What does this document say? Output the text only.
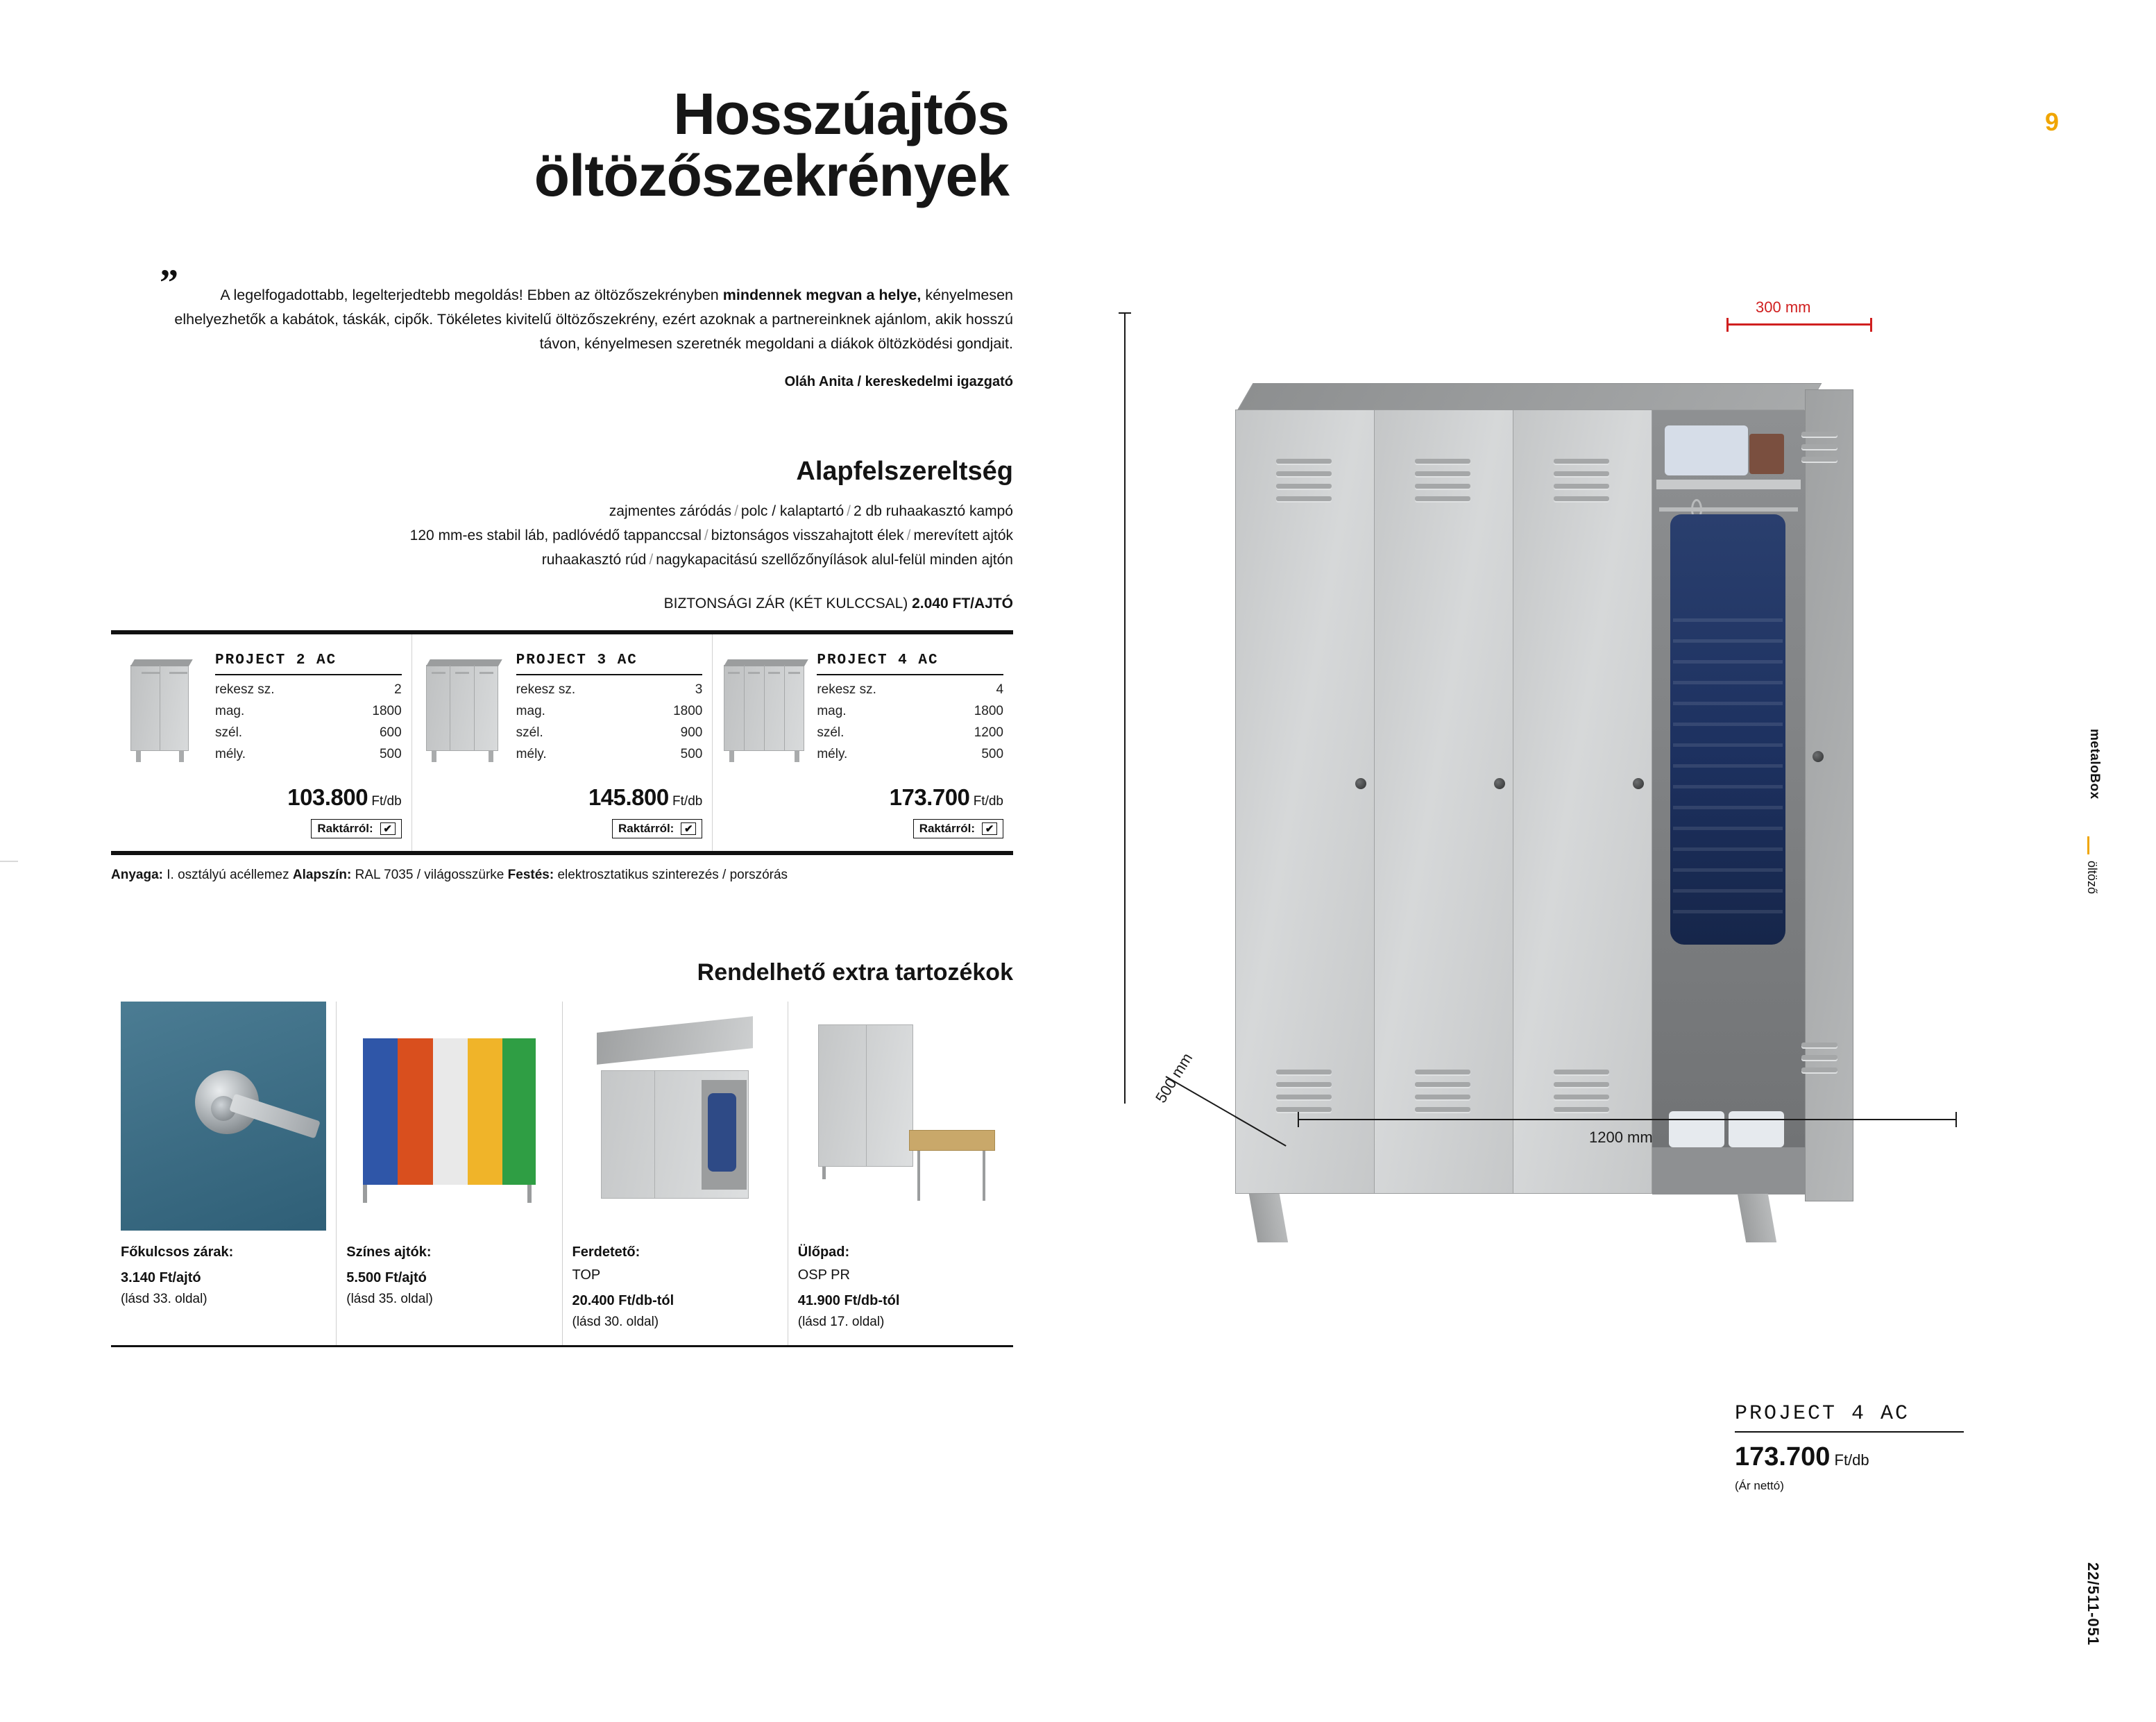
9
metaloBox
öltöző
22/511-051
Hosszúajtós
öltözőszekrények
”	A legelfogadottabb, legelterjedtebb megoldás! Ebben az öltözőszekrényben mindennek megvan a helye, kényelmesen elhelyezhetők a kabátok, táskák, cipők. Tökéletes kivitelű öltözőszekrény, ezért azoknak a partnereinknek ajánlom, akik hosszú távon, kényelmesen szeretnék megoldani a diákok öltözködési gondjait.
Oláh Anita / kereskedelmi igazgató
Alapfelszereltség
zajmentes záródás / polc / kalaptartó / 2 db ruhaakasztó kampó
120 mm-es stabil láb, padlóvédő tappanccsal / biztonságos visszahajtott élek / merevített ajtók
ruhaakasztó rúd / nagykapacitású szellőzőnyílások alul-felül minden ajtón
BIZTONSÁGI ZÁR (KÉT KULCCSAL) 2.040 FT/AJTÓ
PROJECT 2 AC
rekesz sz.	2
mag.	1800
szél.	600
mély.	500
103.800 Ft/db
Raktárról: ✔
PROJECT 3 AC
rekesz sz.	3
mag.	1800
szél.	900
mély.	500
145.800 Ft/db
Raktárról: ✔
PROJECT 4 AC
rekesz sz.	4
mag.	1800
szél.	1200
mély.	500
173.700 Ft/db
Raktárról: ✔
Anyaga: I. osztályú acéllemez Alapszín: RAL 7035 / világosszürke Festés: elektrosztatikus szinterezés / porszórás
Rendelhető extra tartozékok
Főkulcsos zárak:
3.140 Ft/ajtó
(lásd 33. oldal)
Színes ajtók:
5.500 Ft/ajtó
(lásd 35. oldal)
Ferdetető:
TOP
20.400 Ft/db-tól
(lásd 30. oldal)
Ülőpad:
OSP PR
41.900 Ft/db-tól
(lásd 17. oldal)
300 mm
1200 mm
500 mm
PROJECT 4 AC
173.700 Ft/db
(Ár nettó)
